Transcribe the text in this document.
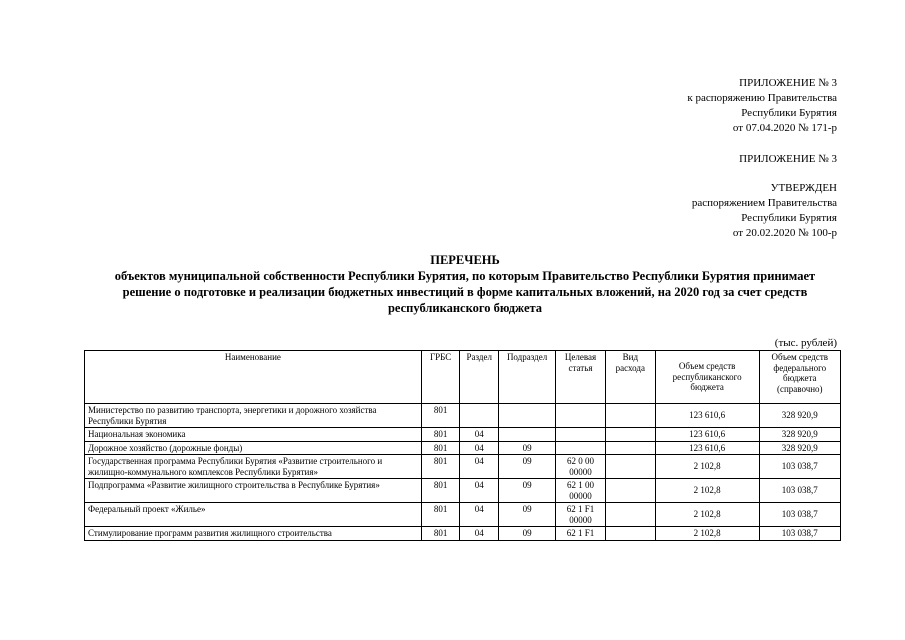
ПРИЛОЖЕНИЕ № 3

к распоряжению Правительства

Республики Бурятия

от 07.04.2020 № 171-р

ПРИЛОЖЕНИЕ № 3

УТВЕРЖДЕН

распоряжением Правительства

Республики Бурятия

от 20.02.2020 № 100-р

ПЕРЕЧЕНЬ
объектов муниципальной собственности Республики Бурятия, по которым Правительство Республики Бурятия принимает решение о подготовке и реализации бюджетных инвестиций в форме капитальных вложений, на 2020 год за счет средств республиканского бюджета
(тыс. рублей)
Наименование	ГРБС	Раздел	Подраздел	Целевая статья	Вид расхода	Объем средств республиканского бюджета	Объем средств федерального бюджета (справочно)
Министерство по развитию транспорта, энергетики и дорожного хозяйства Республики Бурятия	801					123 610,6	328 920,9
Национальная экономика	801	04				123 610,6	328 920,9
Дорожное хозяйство (дорожные фонды)	801	04	09			123 610,6	328 920,9
Государственная программа Республики Бурятия «Развитие строительного и жилищно-коммунального комплексов Республики Бурятия»	801	04	09	62 0 00 00000		2 102,8	103 038,7
Подпрограмма «Развитие жилищного строительства в Республике Бурятия»	801	04	09	62 1 00 00000		2 102,8	103 038,7
Федеральный проект «Жилье»	801	04	09	62 1 F1 00000		2 102,8	103 038,7
Стимулирование программ развития жилищного строительства	801	04	09	62 1 F1		2 102,8	103 038,7
